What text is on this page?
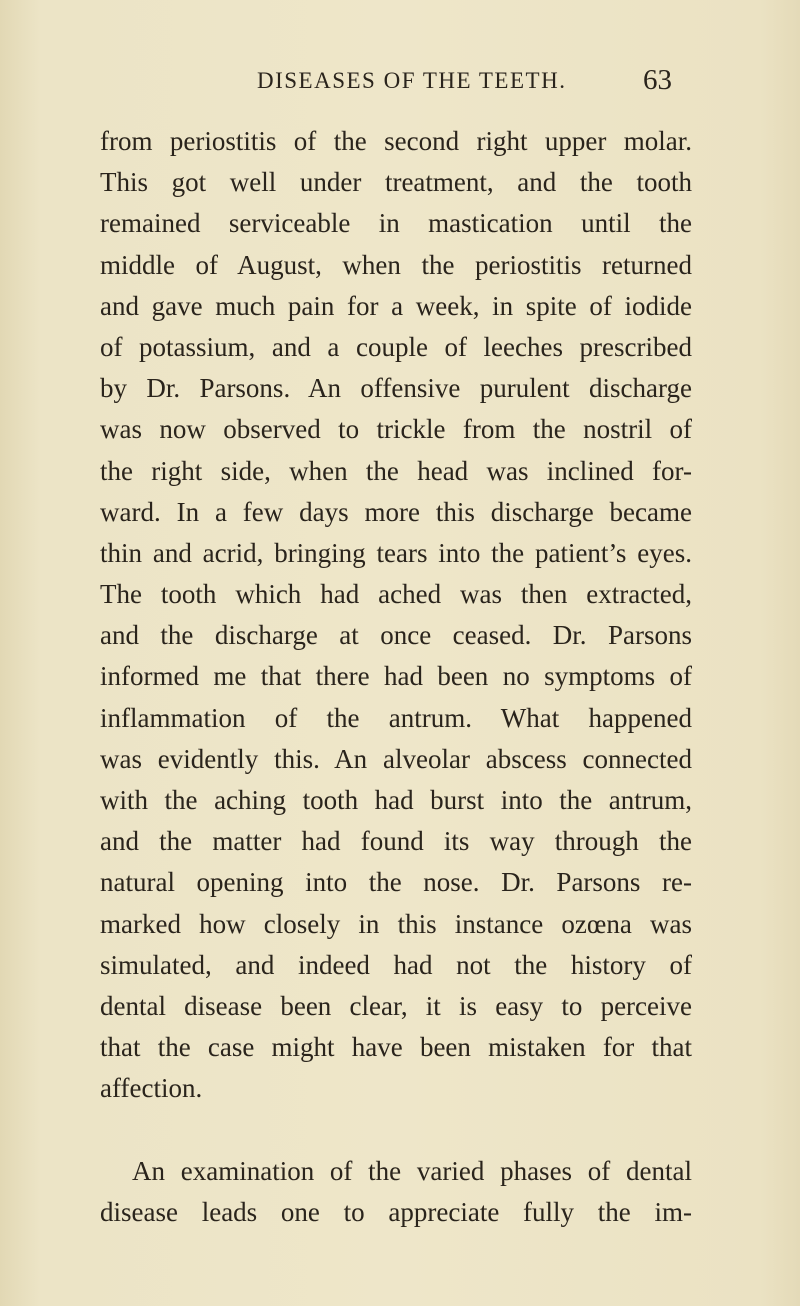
DISEASES OF THE TEETH.	63
from periostitis of the second right upper molar.
This got well under treatment, and the tooth
remained serviceable in mastication until the
middle of August, when the periostitis returned
and gave much pain for a week, in spite of iodide
of potassium, and a couple of leeches prescribed
by Dr. Parsons. An offensive purulent discharge
was now observed to trickle from the nostril of
the right side, when the head was inclined for-
ward. In a few days more this discharge became
thin and acrid, bringing tears into the patient’s eyes.
The tooth which had ached was then extracted,
and the discharge at once ceased. Dr. Parsons
informed me that there had been no symptoms of
inflammation of the antrum. What happened
was evidently this. An alveolar abscess connected
with the aching tooth had burst into the antrum,
and the matter had found its way through the
natural opening into the nose. Dr. Parsons re-
marked how closely in this instance ozœna was
simulated, and indeed had not the history of
dental disease been clear, it is easy to perceive
that the case might have been mistaken for that
affection.
An examination of the varied phases of dental
disease leads one to appreciate fully the im-
